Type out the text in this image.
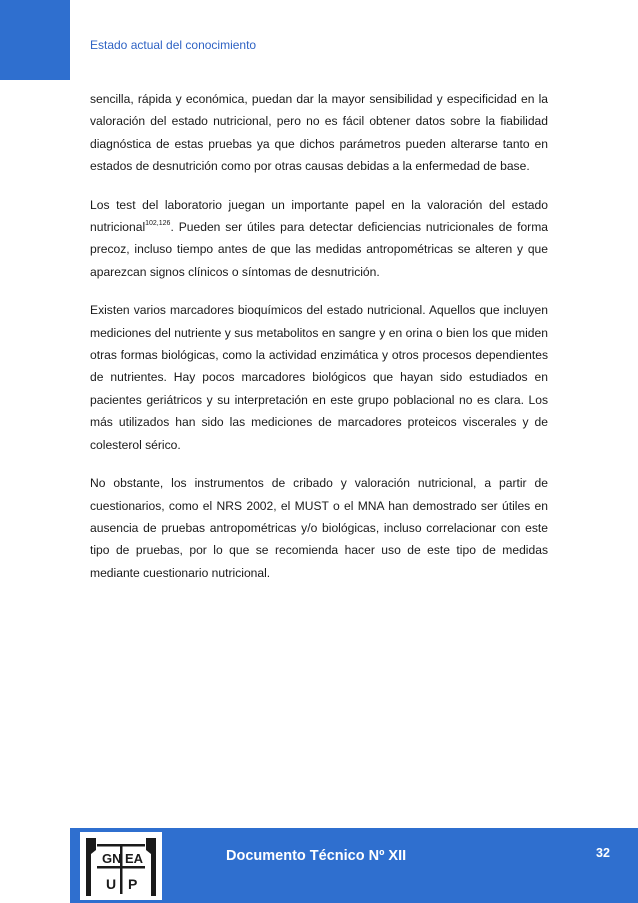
Estado actual del conocimiento

sencilla, rápida y económica, puedan dar la mayor sensibilidad y especificidad en la valoración del estado nutricional, pero no es fácil obtener datos sobre la fiabilidad diagnóstica de estas pruebas ya que dichos parámetros pueden alterarse tanto en estados de desnutrición como por otras causas debidas a la enfermedad de base.

Los test del laboratorio juegan un importante papel en la valoración del estado nutricional$^{102,126}$. Pueden ser útiles para detectar deficiencias nutricionales de forma precoz, incluso tiempo antes de que las medidas antropométricas se alteren y que aparezcan signos clínicos o síntomas de desnutrición.

Existen varios marcadores bioquímicos del estado nutricional. Aquellos que incluyen mediciones del nutriente y sus metabolitos en sangre y en orina o bien los que miden otras formas biológicas, como la actividad enzimática y otros procesos dependientes de nutrientes. Hay pocos marcadores biológicos que hayan sido estudiados en pacientes geriátricos y su interpretación en este grupo poblacional no es clara. Los más utilizados han sido las mediciones de marcadores proteicos viscerales y de colesterol sérico.

No obstante, los instrumentos de cribado y valoración nutricional, a partir de cuestionarios, como el NRS 2002, el MUST o el MNA han demostrado ser útiles en ausencia de pruebas antropométricas y/o biológicas, incluso correlacionar con este tipo de pruebas, por lo que se recomienda hacer uso de este tipo de medidas mediante cuestionario nutricional.

GN EA
U P
Documento Técnico Nº XII	32
